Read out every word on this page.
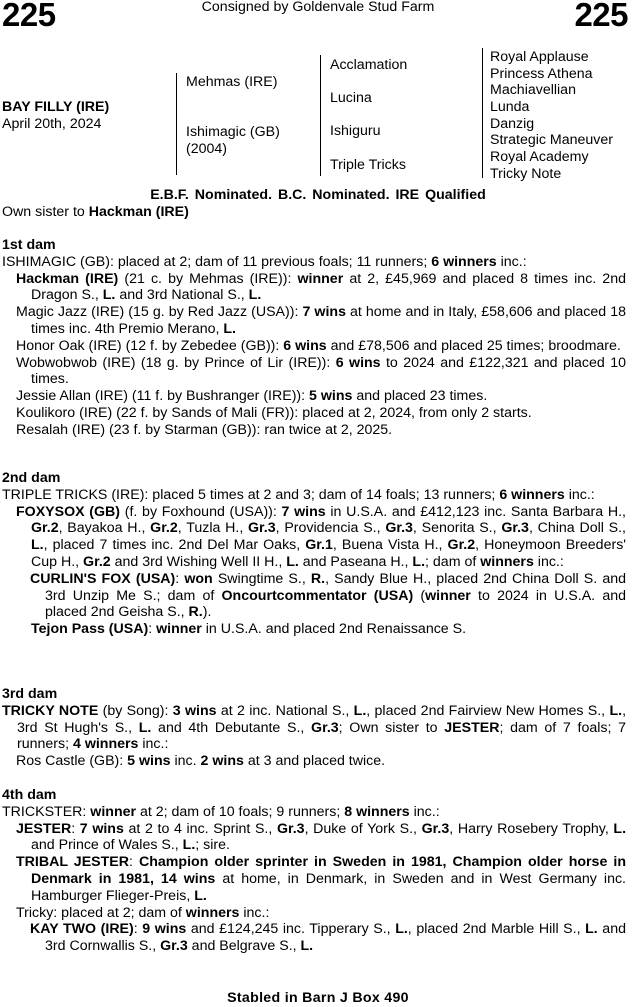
225	Consigned by Goldenvale Stud Farm	225
BAY FILLY (IRE)
April 20th, 2024
Mehmas (IRE)
Ishimagic (GB)
(2004)
Acclamation
Lucina
Ishiguru
Triple Tricks
Royal Applause
Princess Athena
Machiavellian
Lunda
Danzig
Strategic Maneuver
Royal Academy
Tricky Note
E.B.F. Nominated. B.C. Nominated. IRE Qualified
Own sister to Hackman (IRE)
1st dam
ISHIMAGIC (GB): placed at 2; dam of 11 previous foals; 11 runners; 6 winners inc.:
Hackman (IRE) (21 c. by Mehmas (IRE)): winner at 2, £45,969 and placed 8 times inc. 2nd Dragon S., L. and 3rd National S., L.
Magic Jazz (IRE) (15 g. by Red Jazz (USA)): 7 wins at home and in Italy, £58,606 and placed 18 times inc. 4th Premio Merano, L.
Honor Oak (IRE) (12 f. by Zebedee (GB)): 6 wins and £78,506 and placed 25 times; broodmare.
Wobwobwob (IRE) (18 g. by Prince of Lir (IRE)): 6 wins to 2024 and £122,321 and placed 10 times.
Jessie Allan (IRE) (11 f. by Bushranger (IRE)): 5 wins and placed 23 times.
Koulikoro (IRE) (22 f. by Sands of Mali (FR)): placed at 2, 2024, from only 2 starts.
Resalah (IRE) (23 f. by Starman (GB)): ran twice at 2, 2025.
2nd dam
TRIPLE TRICKS (IRE): placed 5 times at 2 and 3; dam of 14 foals; 13 runners; 6 winners inc.:
FOXYSOX (GB) (f. by Foxhound (USA)): 7 wins in U.S.A. and £412,123 inc. Santa Barbara H., Gr.2, Bayakoa H., Gr.2, Tuzla H., Gr.3, Providencia S., Gr.3, Senorita S., Gr.3, China Doll S., L., placed 7 times inc. 2nd Del Mar Oaks, Gr.1, Buena Vista H., Gr.2, Honeymoon Breeders' Cup H., Gr.2 and 3rd Wishing Well II H., L. and Paseana H., L.; dam of winners inc.:
CURLIN'S FOX (USA): won Swingtime S., R., Sandy Blue H., placed 2nd China Doll S. and 3rd Unzip Me S.; dam of Oncourtcommentator (USA) (winner to 2024 in U.S.A. and placed 2nd Geisha S., R.).
Tejon Pass (USA): winner in U.S.A. and placed 2nd Renaissance S.
3rd dam
TRICKY NOTE (by Song): 3 wins at 2 inc. National S., L., placed 2nd Fairview New Homes S., L., 3rd St Hugh's S., L. and 4th Debutante S., Gr.3; Own sister to JESTER; dam of 7 foals; 7 runners; 4 winners inc.:
Ros Castle (GB): 5 wins inc. 2 wins at 3 and placed twice.
4th dam
TRICKSTER: winner at 2; dam of 10 foals; 9 runners; 8 winners inc.:
JESTER: 7 wins at 2 to 4 inc. Sprint S., Gr.3, Duke of York S., Gr.3, Harry Rosebery Trophy, L. and Prince of Wales S., L.; sire.
TRIBAL JESTER: Champion older sprinter in Sweden in 1981, Champion older horse in Denmark in 1981, 14 wins at home, in Denmark, in Sweden and in West Germany inc. Hamburger Flieger-Preis, L.
Tricky: placed at 2; dam of winners inc.:
KAY TWO (IRE): 9 wins and £124,245 inc. Tipperary S., L., placed 2nd Marble Hill S., L. and 3rd Cornwallis S., Gr.3 and Belgrave S., L.
Stabled in Barn J Box 490
